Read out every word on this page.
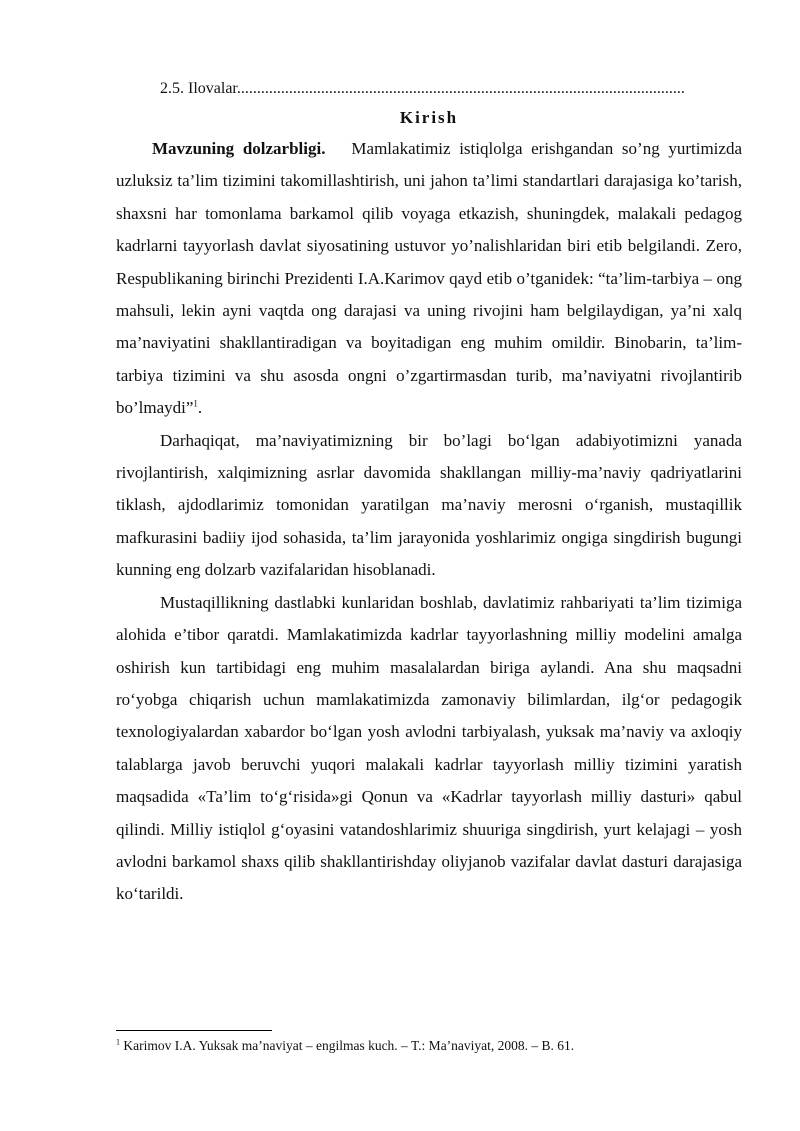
2.5. Ilovalar................................................................................................................
Kirish

Mavzuning dolzarbligi. Mamlakatimiz istiqlolga erishgandan so’ng yurtimizda uzluksiz ta’lim tizimini takomillashtirish, uni jahon ta’limi standartlari darajasiga ko’tarish, shaxsni har tomonlama barkamol qilib voyaga etkazish, shuningdek, malakali pedagog kadrlarni tayyorlash davlat siyosatining ustuvor yo’nalishlaridan biri etib belgilandi. Zero, Respublikaning birinchi Prezidenti I.A.Karimov qayd etib o’tganidek: “ta’lim-tarbiya – ong mahsuli, lekin ayni vaqtda ong darajasi va uning rivojini ham belgilaydigan, ya’ni xalq ma’naviyatini shakllantiradigan va boyitadigan eng muhim omildir. Binobarin, ta’lim-tarbiya tizimini va shu asosda ongni o’zgartirmasdan turib, ma’naviyatni rivojlantirib bo’lmaydi”$^1$.

Darhaqiqat, ma’naviyatimizning bir bo’lagi bo‘lgan adabiyotimizni yanada rivojlantirish, xalqimizning asrlar davomida shakllangan milliy-ma’naviy qadriyatlarini tiklash, ajdodlarimiz tomonidan yaratilgan ma’naviy merosni o‘rganish, mustaqillik mafkurasini badiiy ijod sohasida, ta’lim jarayonida yoshlarimiz ongiga singdirish bugungi kunning eng dolzarb vazifalaridan hisoblanadi.

Mustaqillikning dastlabki kunlaridan boshlab, davlatimiz rahbariyati ta’lim tizimiga alohida e’tibor qaratdi. Mamlakatimizda kadrlar tayyorlashning milliy modelini amalga oshirish kun tartibidagi eng muhim masalalardan biriga aylandi. Ana shu maqsadni ro‘yobga chiqarish uchun mamlakatimizda zamonaviy bilimlardan, ilg‘or pedagogik texnologiyalardan xabardor bo‘lgan yosh avlodni tarbiyalash, yuksak ma’naviy va axloqiy talablarga javob beruvchi yuqori malakali kadrlar tayyorlash milliy tizimini yaratish maqsadida «Ta’lim to‘g‘risida»gi Qonun va «Kadrlar tayyorlash milliy dasturi» qabul qilindi. Milliy istiqlol g‘oyasini vatandoshlarimiz shuuriga singdirish, yurt kelajagi – yosh avlodni barkamol shaxs qilib shakllantirishday oliyjanob vazifalar davlat dasturi darajasiga ko‘tarildi.

$^1$ Karimov I.A. Yuksak ma’naviyat – engilmas kuch. – T.: Ma’naviyat, 2008. – B. 61.
